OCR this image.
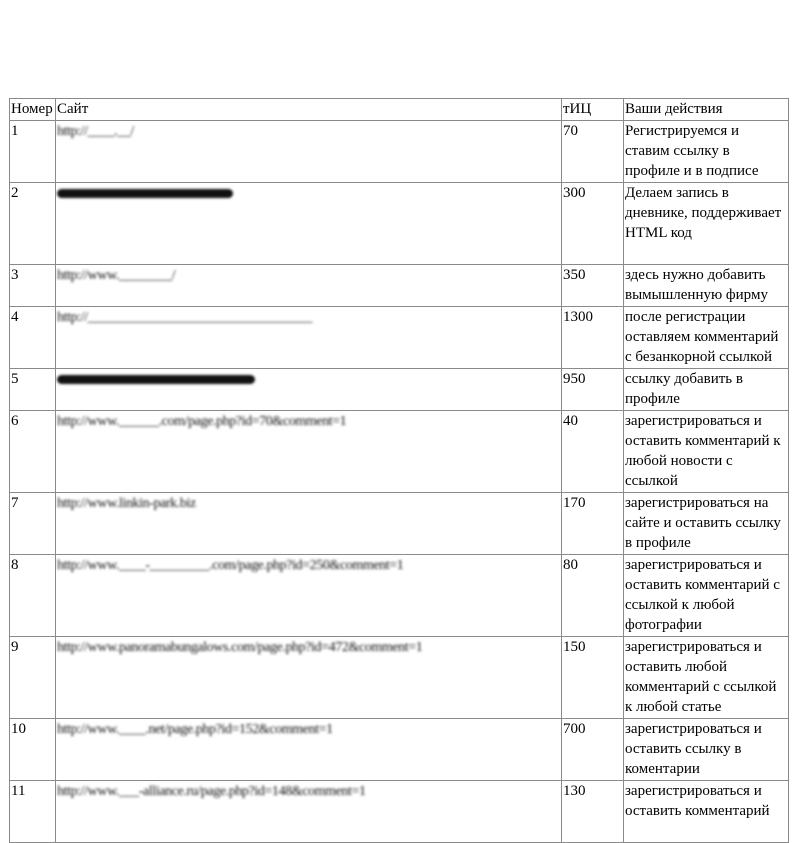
Номер	Сайт	тИЦ	Ваши действия
1	http://____.__/	70	Регистрируемся и ставим ссылку в профиле и в подписе
2		300	Делаем запись в дневнике, поддерживает HTML код
3	http://www.________/	350	здесь нужно добавить вымышленную фирму
4	http://__________________________________	1300	после регистрации оставляем комментарий с безанкорной ссылкой
5		950	ссылку добавить в профиле
6	http://www.______.com/page.php?id=70&comment=1	40	зарегистрироваться и оставить комментарий к любой новости с ссылкой
7	http://www.linkin-park.biz	170	зарегистрироваться на сайте и оставить ссылку в профиле
8	http://www.____-_________.com/page.php?id=250&comment=1	80	зарегистрироваться и оставить комментарий с ссылкой к любой фотографии
9	http://www.panoramabungalows.com/page.php?id=472&comment=1	150	зарегистрироваться и оставить любой комментарий с ссылкой к любой статье
10	http://www.____.net/page.php?id=152&comment=1	700	зарегистрироваться и оставить ссылку в коментарии
11	http://www.___-alliance.ru/page.php?id=148&comment=1	130	зарегистрироваться и оставить комментарий
